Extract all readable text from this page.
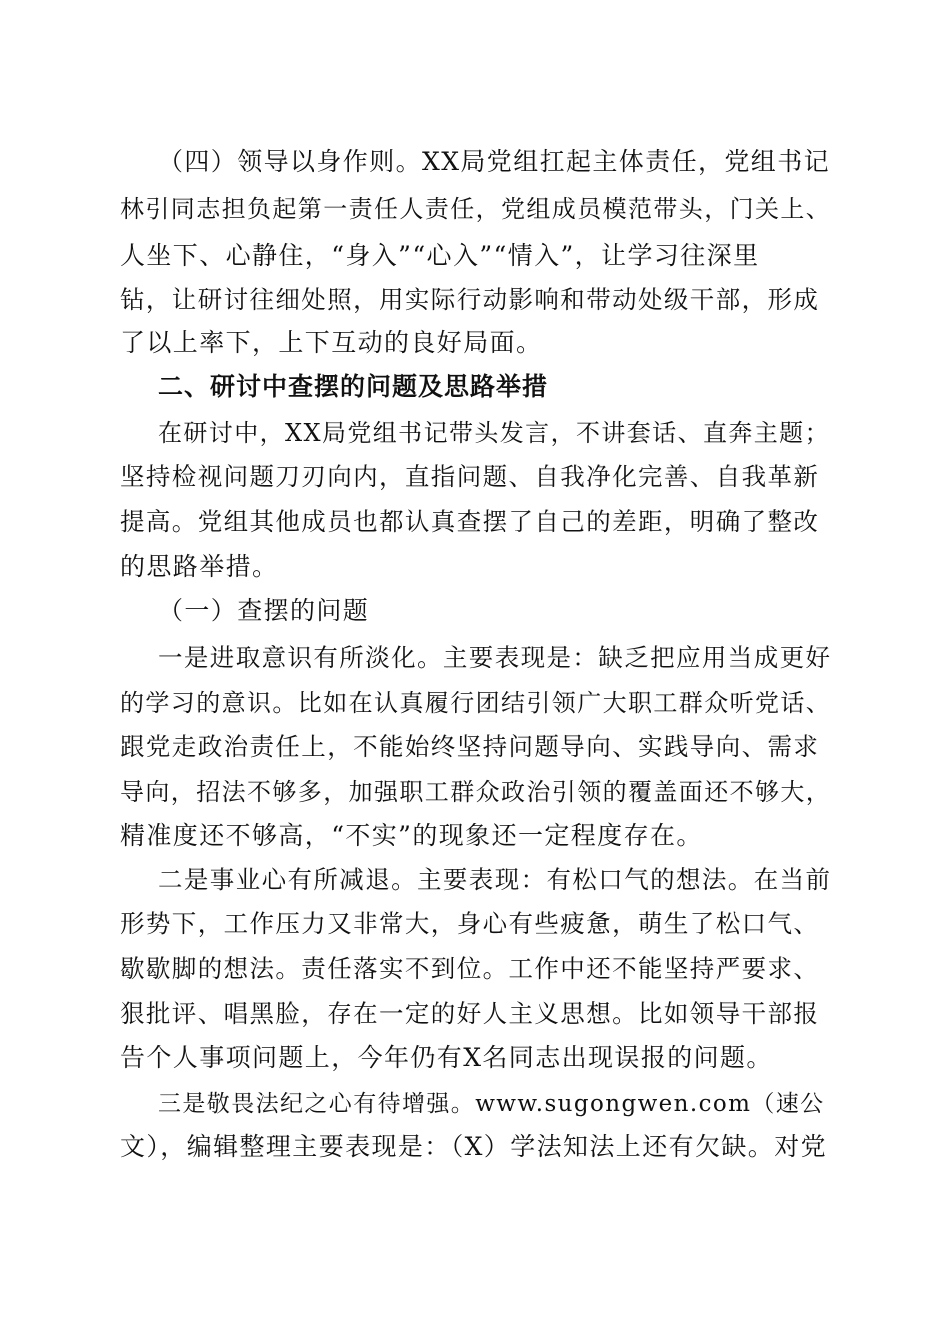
（四）领导以身作则。XX局党组扛起主体责任，党组书记
林引同志担负起第一责任人责任，党组成员模范带头，门关上、
人坐下、心静住，“身入”“心入”“情入”，让学习往深里
钻，让研讨往细处照，用实际行动影响和带动处级干部，形成
了以上率下，上下互动的良好局面。
二、研讨中查摆的问题及思路举措
在研讨中，XX局党组书记带头发言，不讲套话、直奔主题；
坚持检视问题刀刃向内，直指问题、自我净化完善、自我革新
提高。党组其他成员也都认真查摆了自己的差距，明确了整改
的思路举措。
（一）查摆的问题
一是进取意识有所淡化。主要表现是：缺乏把应用当成更好
的学习的意识。比如在认真履行团结引领广大职工群众听党话、
跟党走政治责任上，不能始终坚持问题导向、实践导向、需求
导向，招法不够多，加强职工群众政治引领的覆盖面还不够大，
精准度还不够高，“不实”的现象还一定程度存在。
二是事业心有所减退。主要表现：有松口气的想法。在当前
形势下，工作压力又非常大，身心有些疲惫，萌生了松口气、
歇歇脚的想法。责任落实不到位。工作中还不能坚持严要求、
狠批评、唱黑脸，存在一定的好人主义思想。比如领导干部报
告个人事项问题上，今年仍有X名同志出现误报的问题。
三是敬畏法纪之心有待增强。www.sugongwen.com（速公
文），编辑整理主要表现是：（X）学法知法上还有欠缺。对党
